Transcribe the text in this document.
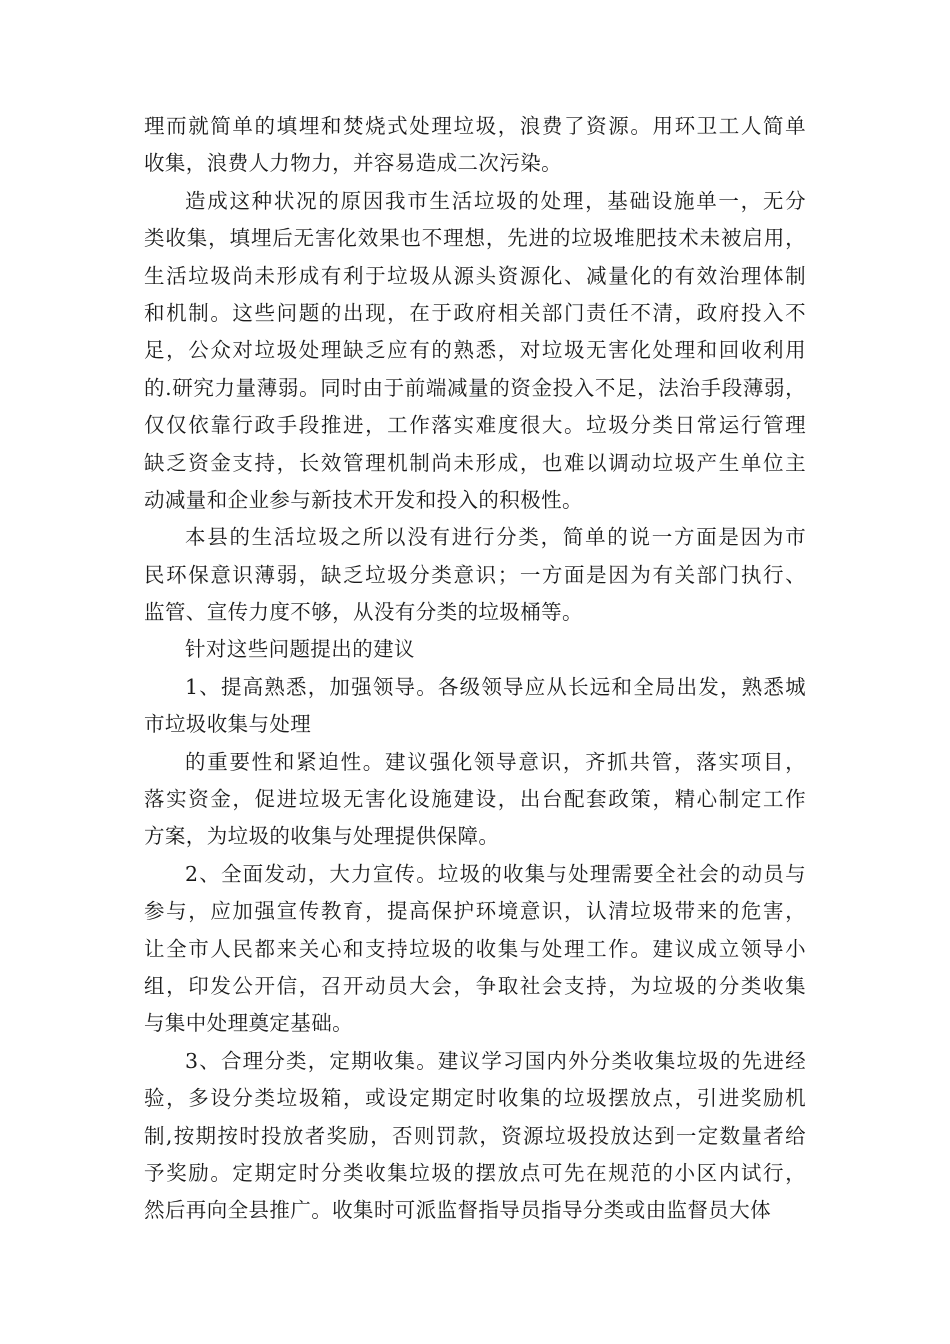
理而就简单的填埋和焚烧式处理垃圾，浪费了资源。用环卫工人简单
收集，浪费人力物力，并容易造成二次污染。
造成这种状况的原因我市生活垃圾的处理，基础设施单一，无分
类收集，填埋后无害化效果也不理想，先进的垃圾堆肥技术未被启用，
生活垃圾尚未形成有利于垃圾从源头资源化、减量化的有效治理体制
和机制。这些问题的出现，在于政府相关部门责任不清，政府投入不
足，公众对垃圾处理缺乏应有的熟悉，对垃圾无害化处理和回收利用
的.研究力量薄弱。同时由于前端减量的资金投入不足，法治手段薄弱，
仅仅依靠行政手段推进，工作落实难度很大。垃圾分类日常运行管理
缺乏资金支持，长效管理机制尚未形成，也难以调动垃圾产生单位主
动减量和企业参与新技术开发和投入的积极性。
本县的生活垃圾之所以没有进行分类，简单的说一方面是因为市
民环保意识薄弱，缺乏垃圾分类意识；一方面是因为有关部门执行、
监管、宣传力度不够，从没有分类的垃圾桶等。
针对这些问题提出的建议
1、提高熟悉，加强领导。各级领导应从长远和全局出发，熟悉城
市垃圾收集与处理
的重要性和紧迫性。建议强化领导意识，齐抓共管，落实项目，
落实资金，促进垃圾无害化设施建设，出台配套政策，精心制定工作
方案，为垃圾的收集与处理提供保障。
2、全面发动，大力宣传。垃圾的收集与处理需要全社会的动员与
参与，应加强宣传教育，提高保护环境意识，认清垃圾带来的危害，
让全市人民都来关心和支持垃圾的收集与处理工作。建议成立领导小
组，印发公开信，召开动员大会，争取社会支持，为垃圾的分类收集
与集中处理奠定基础。
3、合理分类，定期收集。建议学习国内外分类收集垃圾的先进经
验，多设分类垃圾箱，或设定期定时收集的垃圾摆放点，引进奖励机
制,按期按时投放者奖励，否则罚款，资源垃圾投放达到一定数量者给
予奖励。定期定时分类收集垃圾的摆放点可先在规范的小区内试行，
然后再向全县推广。收集时可派监督指导员指导分类或由监督员大体
